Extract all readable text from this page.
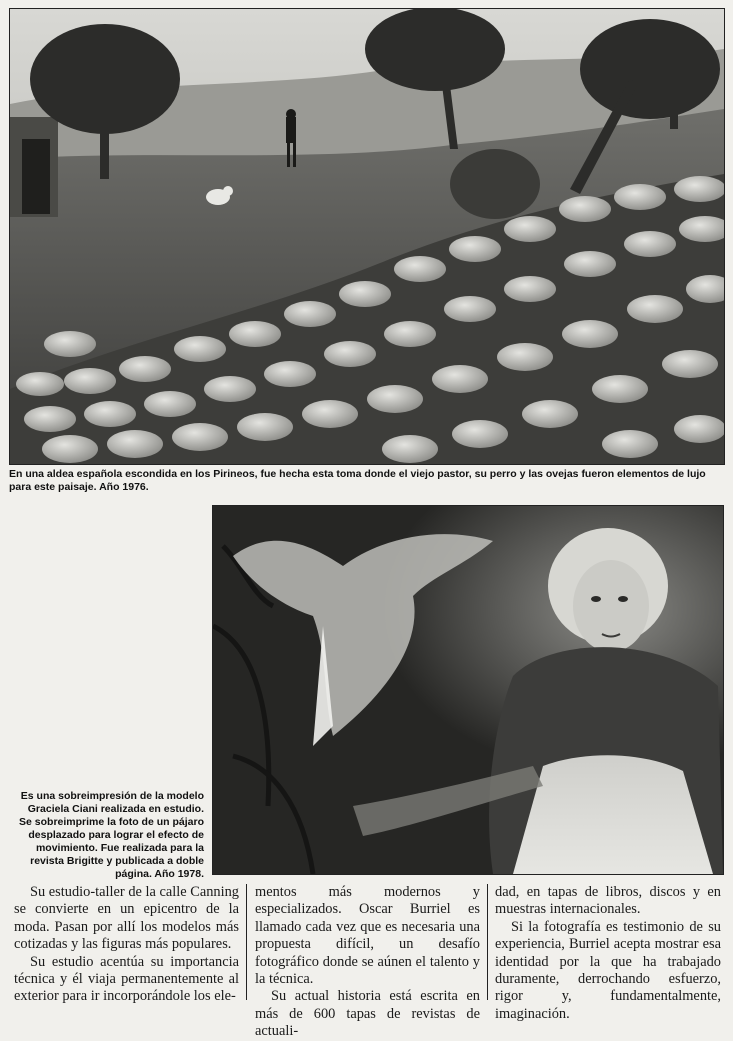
En una aldea española escondida en los Pirineos, fue hecha esta toma donde el viejo pastor, su perro y las ovejas fueron elementos de lujo para este paisaje. Año 1976.
Es una sobreimpresión de la modelo Graciela Ciani realizada en estudio. Se sobreimprime la foto de un pájaro desplazado para lograr el efecto de movimiento. Fue realizada para la revista Brigitte y publicada a doble página. Año 1978.

Su estudio-taller de la calle Canning se convierte en un epicentro de la moda. Pasan por allí los modelos más cotizadas y las figuras más populares.

Su estudio acentúa su importancia técnica y él viaja permanentemente al exterior para ir incorporándole los ele-

mentos más modernos y especializados. Oscar Burriel es llamado cada vez que es necesaria una propuesta difícil, un desafío fotográfico donde se aúnen el talento y la técnica.

Su actual historia está escrita en más de 600 tapas de revistas de actuali-

dad, en tapas de libros, discos y en muestras internacionales.

Si la fotografía es testimonio de su experiencia, Burriel acepta mostrar esa identidad por la que ha trabajado duramente, derrochando esfuerzo, rigor y, fundamentalmente, imaginación.
